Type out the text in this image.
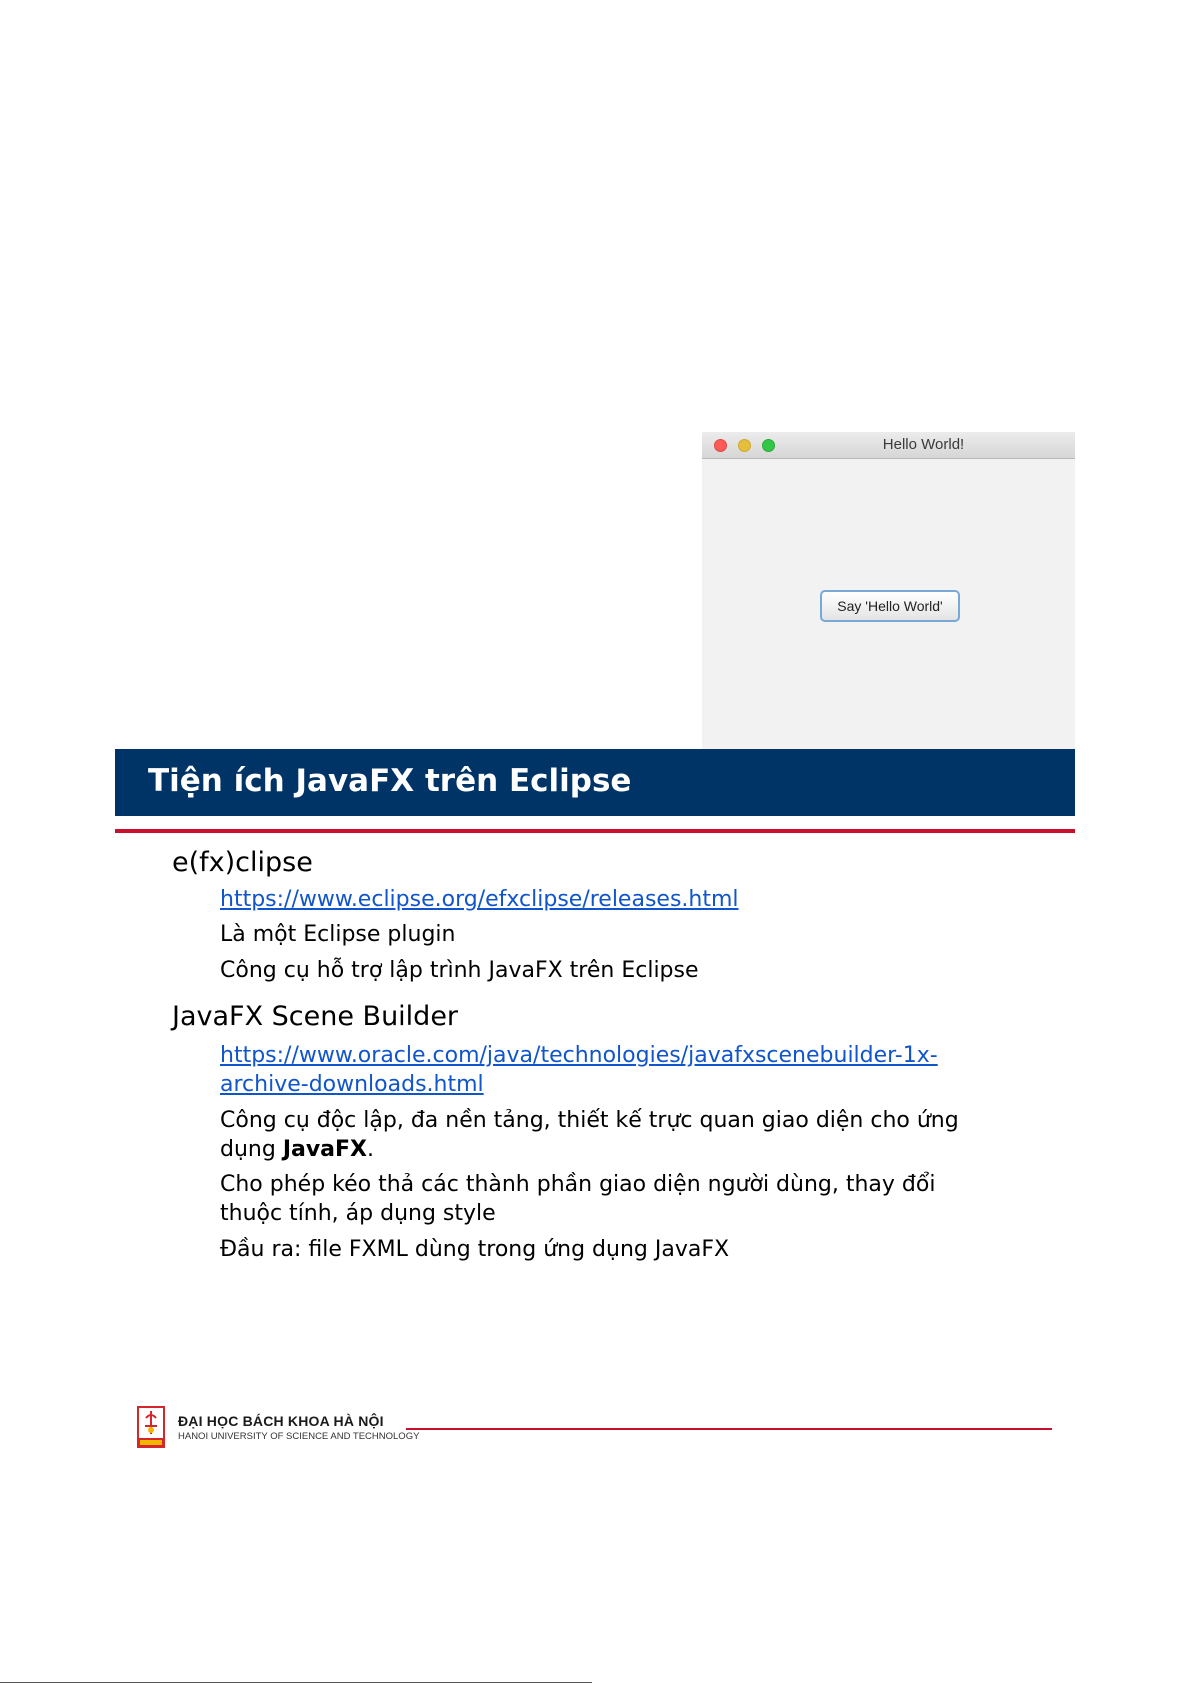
Hello World!
Say 'Hello World'
Tiện ích JavaFX trên Eclipse
e(fx)clipse
https://www.eclipse.org/efxclipse/releases.html
Là một Eclipse plugin
Công cụ hỗ trợ lập trình JavaFX trên Eclipse
JavaFX Scene Builder
https://www.oracle.com/java/technologies/javafxscenebuilder-1x-
archive-downloads.html
Công cụ độc lập, đa nền tảng, thiết kế trực quan giao diện cho ứng
dụng JavaFX.
Cho phép kéo thả các thành phần giao diện người dùng, thay đổi
thuộc tính, áp dụng style
Đầu ra: file FXML dùng trong ứng dụng JavaFX
ĐẠI HỌC BÁCH KHOA HÀ NỘI
HANOI UNIVERSITY OF SCIENCE AND TECHNOLOGY
